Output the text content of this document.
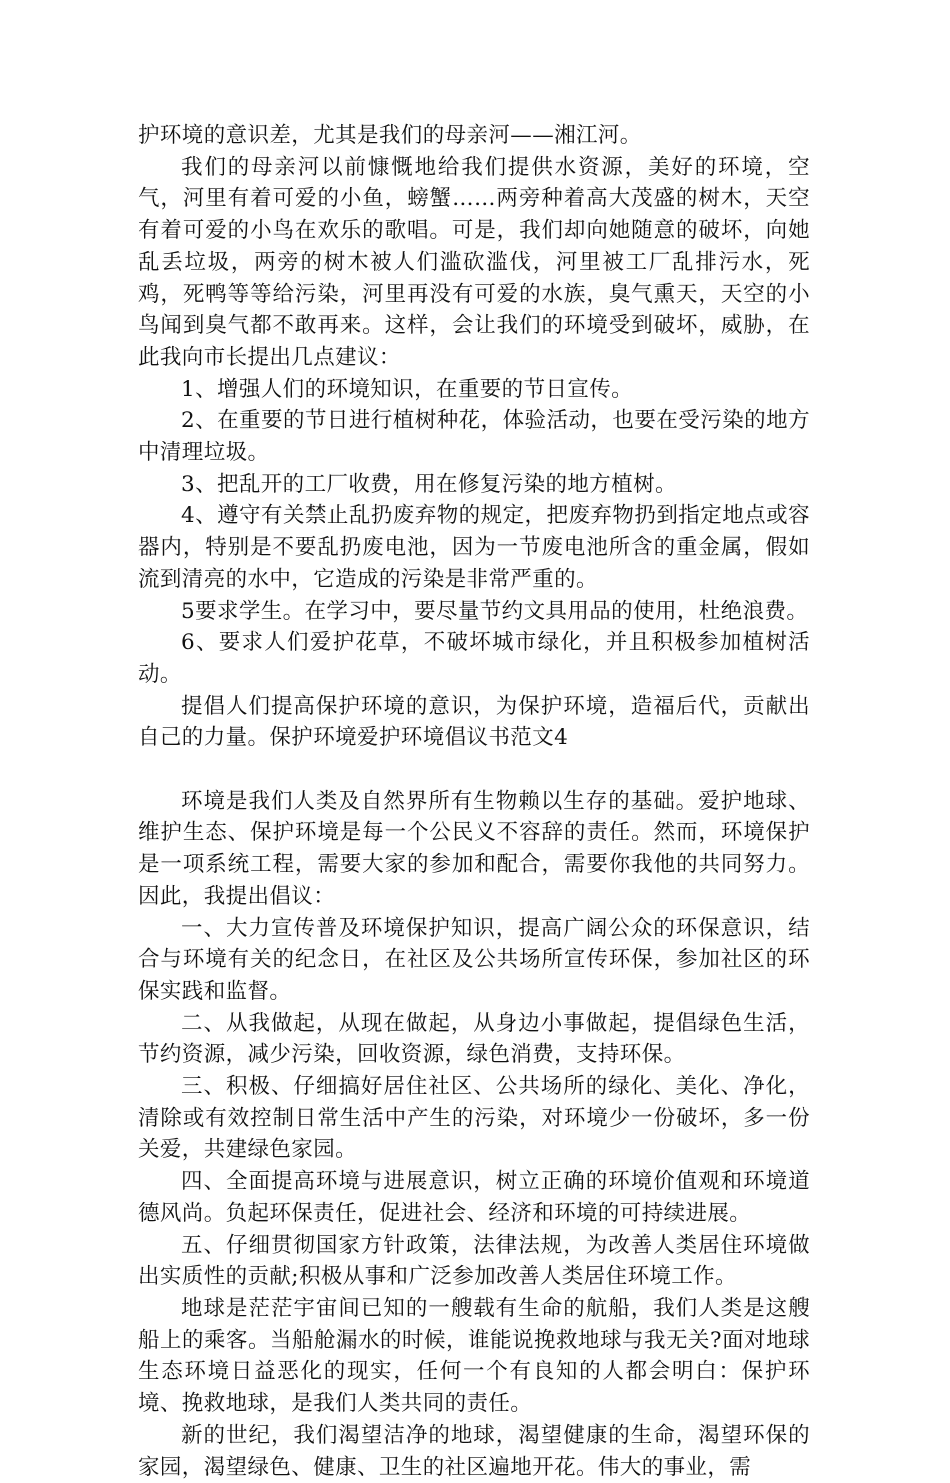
护环境的意识差，尤其是我们的母亲河——湘江河。

我们的母亲河以前慷慨地给我们提供水资源，美好的环境，空气，河里有着可爱的小鱼，螃蟹……两旁种着高大茂盛的树木，天空有着可爱的小鸟在欢乐的歌唱。可是，我们却向她随意的破坏，向她乱丢垃圾，两旁的树木被人们滥砍滥伐，河里被工厂乱排污水，死鸡，死鸭等等给污染，河里再没有可爱的水族，臭气熏天，天空的小鸟闻到臭气都不敢再来。这样，会让我们的环境受到破坏，威胁，在此我向市长提出几点建议：

1、增强人们的环境知识，在重要的节日宣传。

2、在重要的节日进行植树种花，体验活动，也要在受污染的地方中清理垃圾。

3、把乱开的工厂收费，用在修复污染的地方植树。

4、遵守有关禁止乱扔废弃物的规定，把废弃物扔到指定地点或容器内，特别是不要乱扔废电池，因为一节废电池所含的重金属，假如流到清亮的水中，它造成的污染是非常严重的。

5要求学生。在学习中，要尽量节约文具用品的使用，杜绝浪费。

6、要求人们爱护花草，不破坏城市绿化，并且积极参加植树活动。

提倡人们提高保护环境的意识，为保护环境，造福后代，贡献出自己的力量。保护环境爱护环境倡议书范文4

环境是我们人类及自然界所有生物赖以生存的基础。爱护地球、维护生态、保护环境是每一个公民义不容辞的责任。然而，环境保护是一项系统工程，需要大家的参加和配合，需要你我他的共同努力。因此，我提出倡议：

一、大力宣传普及环境保护知识，提高广阔公众的环保意识，结合与环境有关的纪念日，在社区及公共场所宣传环保，参加社区的环保实践和监督。

二、从我做起，从现在做起，从身边小事做起，提倡绿色生活，节约资源，减少污染，回收资源，绿色消费，支持环保。

三、积极、仔细搞好居住社区、公共场所的绿化、美化、净化，清除或有效控制日常生活中产生的污染，对环境少一份破坏，多一份关爱，共建绿色家园。

四、全面提高环境与进展意识，树立正确的环境价值观和环境道德风尚。负起环保责任，促进社会、经济和环境的可持续进展。

五、仔细贯彻国家方针政策，法律法规，为改善人类居住环境做出实质性的贡献;积极从事和广泛参加改善人类居住环境工作。

地球是茫茫宇宙间已知的一艘载有生命的航船，我们人类是这艘船上的乘客。当船舱漏水的时候，谁能说挽救地球与我无关?面对地球生态环境日益恶化的现实，任何一个有良知的人都会明白：保护环境、挽救地球，是我们人类共同的责任。

新的世纪，我们渴望洁净的地球，渴望健康的生命，渴望环保的家园，渴望绿色、健康、卫生的社区遍地开花。伟大的事业，需
